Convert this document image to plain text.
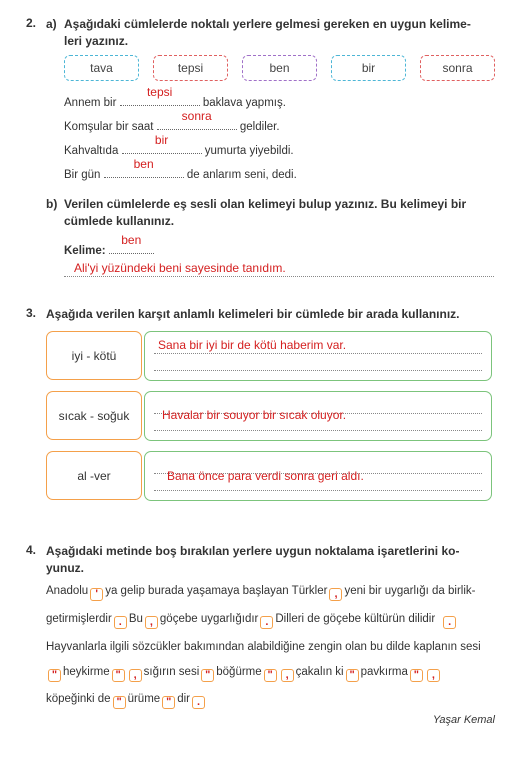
2. a) Aşağıdaki cümlelerde noktalı yerlere gelmesi gereken en uygun kelime-
leri yazınız.
tava	tepsi	ben	bir	sonra
Annem bir
tepsi
baklava yapmış.
Komşular bir saat
sonra
geldiler.
Kahvaltıda
bir
yumurta yiyebildi.
Bir gün
ben
de anlarım seni, dedi.
b) Verilen cümlelerde eş sesli olan kelimeyi bulup yazınız. Bu kelimeyi bir
cümlede kullanınız.
Kelime:
ben
Ali'yi yüzündeki beni sayesinde tanıdım.
3. Aşağıda verilen karşıt anlamlı kelimeleri bir cümlede bir arada kullanınız.
iyi - kötü
Sana bir iyi bir de kötü haberim var.
sıcak - soğuk	Havalar bir souyor bir sıcak oluyor.
al -ver	Bana önce para verdi sonra geri aldı.
4. Aşağıdaki metinde boş bırakılan yerlere uygun noktalama işaretlerini ko-
yunuz.
Anadolu ' ya gelip burada yaşamaya başlayan Türkler , yeni bir uygarlığı da birlik-
getirmişlerdir . Bu , göçebe uygarlığıdır . Dilleri de göçebe kültürün dilidir .
Hayvanlarla ilgili sözcükler bakımından alabildiğine zengin olan bu dilde kaplanın sesi
" heykirme " , sığırın sesi " böğürme " , çakalın ki " pavkırma " ,
köpeğinki de " ürüme " dir .
Yaşar Kemal
